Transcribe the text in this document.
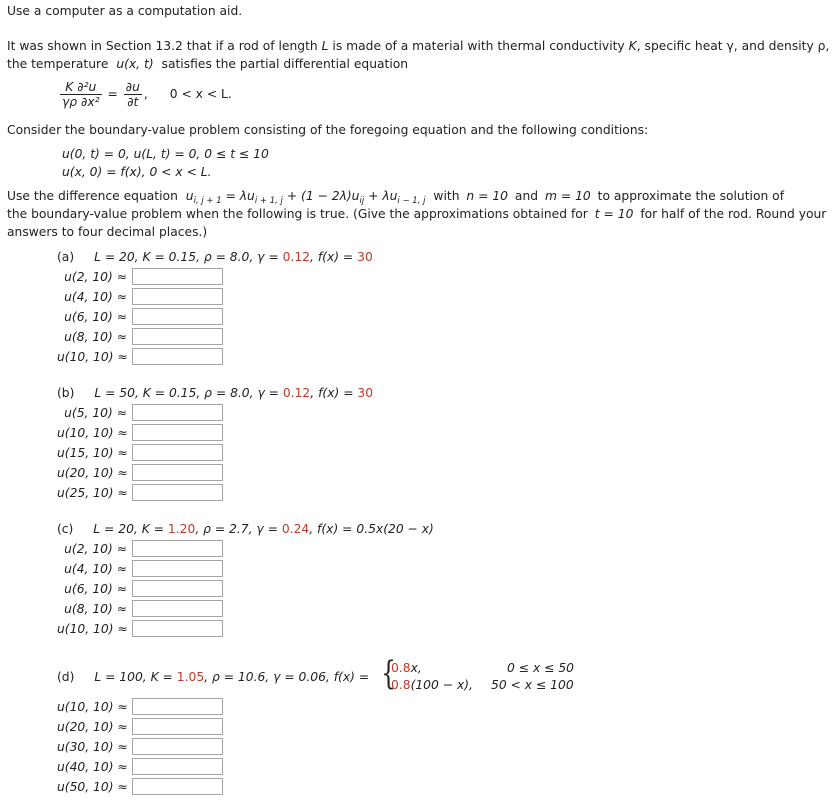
Use a computer as a computation aid.
It was shown in Section 13.2 that if a rod of length L is made of a material with thermal conductivity K, specific heat γ, and density ρ,
the temperature u(x, t) satisfies the partial differential equation
$\frac{\text{K ∂²u}}{\text{γρ ∂x²}} = \frac{\partial u}{\partial t}$ , 0 < x < L.
Consider the boundary-value problem consisting of the foregoing equation and the following conditions:
u(0, t) = 0, u(L, t) = 0, 0 ≤ t ≤ 10
u(x, 0) = f(x), 0 < x < L.
Use the difference equation $u_{i, j + 1} = \lambda u_{i + 1, j} + (1 - 2\lambda)u_{ij} + \lambda u_{i - 1, j}$ with n = 10 and m = 10 to approximate the solution of
the boundary-value problem when the following is true. (Give the approximations obtained for t = 10 for half of the rod. Round your
answers to four decimal places.)
(a) L = 20, K = 0.15, ρ = 8.0, γ = 0.12, f(x) = 30
u(2, 10) ≈
u(4, 10) ≈
u(6, 10) ≈
u(8, 10) ≈
u(10, 10) ≈
(b) L = 50, K = 0.15, ρ = 8.0, γ = 0.12, f(x) = 30
u(5, 10) ≈
u(10, 10) ≈
u(15, 10) ≈
u(20, 10) ≈
u(25, 10) ≈
(c) L = 20, K = 1.20, ρ = 2.7, γ = 0.24, f(x) = 0.5x(20 − x)
u(2, 10) ≈
u(4, 10) ≈
u(6, 10) ≈
u(8, 10) ≈
u(10, 10) ≈
(d) L = 100, K = 1.05, ρ = 10.6, γ = 0.06, f(x) = {
0.8x,	0 ≤ x ≤ 50
0.8(100 − x), 50 < x ≤ 100
u(10, 10) ≈
u(20, 10) ≈
u(30, 10) ≈
u(40, 10) ≈
u(50, 10) ≈
